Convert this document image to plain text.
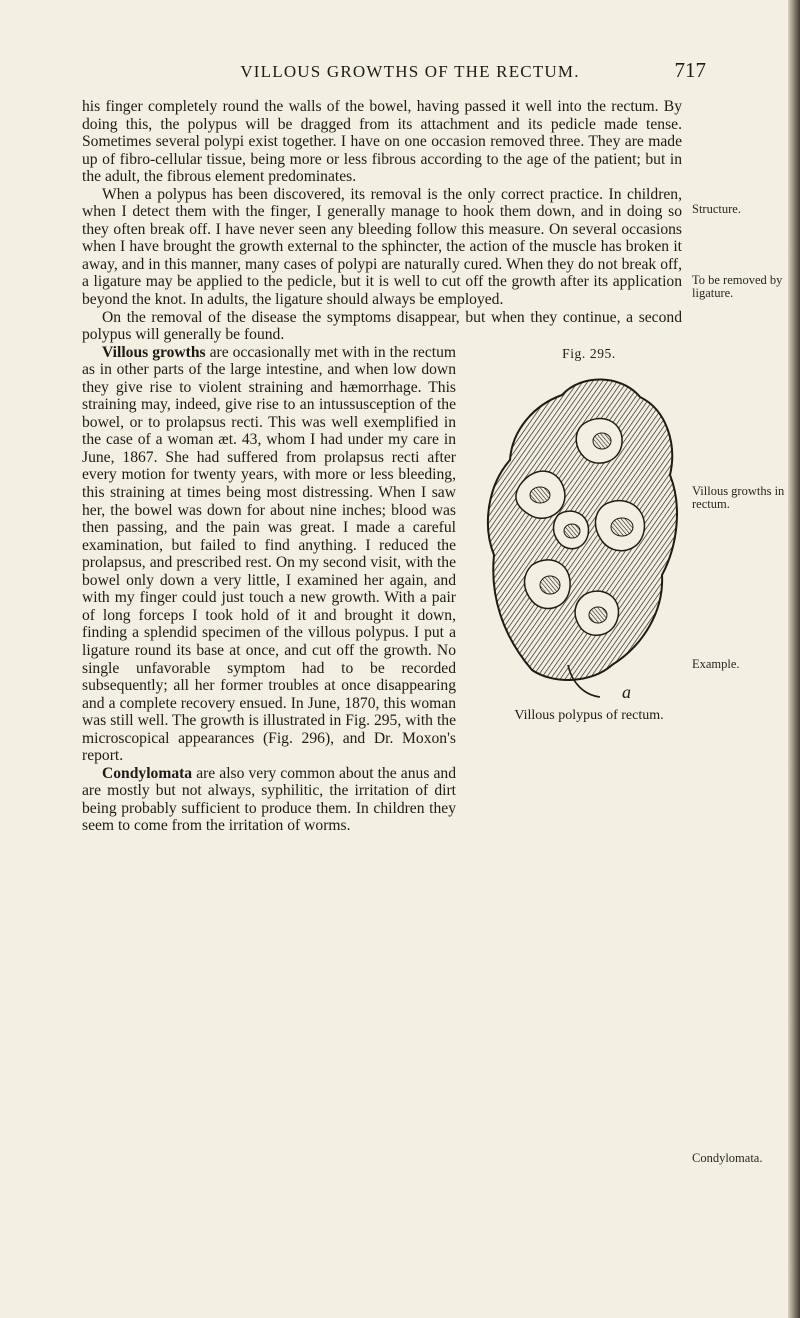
VILLOUS GROWTHS OF THE RECTUM.	717

his finger completely round the walls of the bowel, having passed it well into the rectum. By doing this, the polypus will be dragged from its attachment and its pedicle made tense. Sometimes several polypi exist together. I have on one occasion removed three. They are made up of fibro-cellular tissue, being more or less fibrous according to the age of the patient; but in the adult, the fibrous element predominates.

When a polypus has been discovered, its removal is the only correct practice. In children, when I detect them with the finger, I generally manage to hook them down, and in doing so they often break off. I have never seen any bleeding follow this measure. On several occasions when I have brought the growth external to the sphincter, the action of the muscle has broken it away, and in this manner, many cases of polypi are naturally cured. When they do not break off, a ligature may be applied to the pedicle, but it is well to cut off the growth after its application beyond the knot. In adults, the ligature should always be employed.

On the removal of the disease the symptoms disappear, but when they continue, a second polypus will generally be found.

Fig. 295.
a
Villous polypus of rectum.
Villous growths are occasionally met with in the rectum as in other parts of the large intestine, and when low down they give rise to violent straining and hæmorrhage. This straining may, indeed, give rise to an intussusception of the bowel, or to prolapsus recti. This was well exemplified in the case of a woman æt. 43, whom I had under my care in June, 1867. She had suffered from prolapsus recti after every motion for twenty years, with more or less bleeding, this straining at times being most distressing. When I saw her, the bowel was down for about nine inches; blood was then passing, and the pain was great. I made a careful examination, but failed to find anything. I reduced the prolapsus, and prescribed rest. On my second visit, with the bowel only down a very little, I examined her again, and with my finger could just touch a new growth. With a pair of long forceps I took hold of it and brought it down, finding a splendid specimen of the villous polypus. I put a ligature round its base at once, and cut off the growth. No single unfavorable symptom had to be recorded subsequently; all her former troubles at once disappearing and a complete recovery ensued. In June, 1870, this woman was still well. The growth is illustrated in Fig. 295, with the microscopical appearances (Fig. 296), and Dr. Moxon's report.

Condylomata are also very common about the anus and are mostly but not always, syphilitic, the irritation of dirt being probably sufficient to produce them. In children they seem to come from the irritation of worms.

Structure.
To be removed by ligature.
Villous growths in rectum.
Example.
Condylomata.
